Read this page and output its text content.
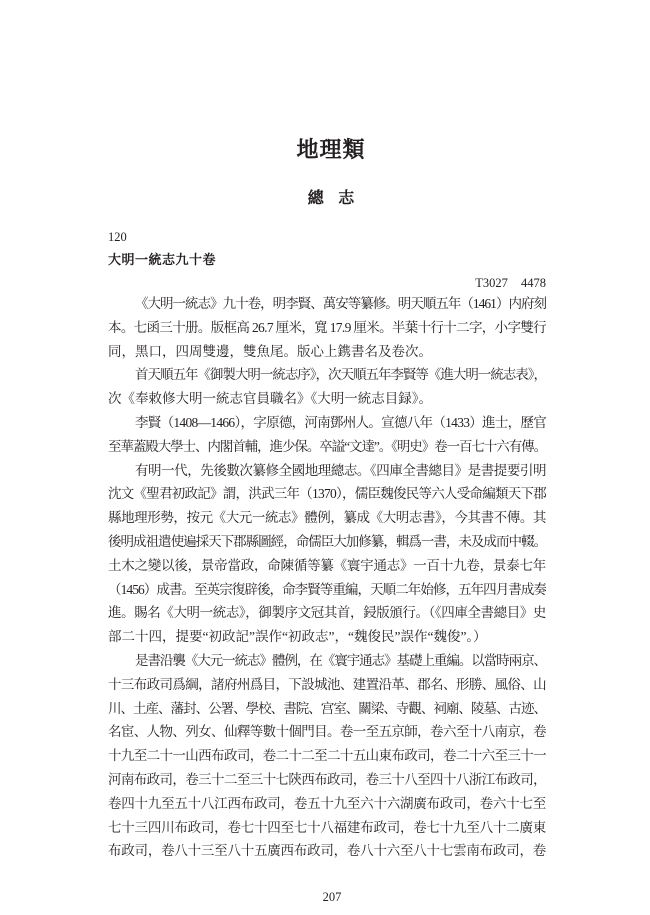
地理類
總 志
120
大明一統志九十卷
T3027 4478
《大明一統志》九十卷，明李賢、萬安等纂修。明天順五年（1461）内府刻
本。七函三十册。版框高 26.7 厘米，寬 17.9 厘米。半葉十行十二字，小字雙行
同，黑口，四周雙邊，雙魚尾。版心上鎸書名及卷次。
首天順五年《御製大明一統志序》，次天順五年李賢等《進大明一統志表》，
次《奉敕修大明一統志官員職名》《大明一統志目録》。
李賢（1408—1466），字原德，河南鄧州人。宣德八年（1433）進士，歷官
至華蓋殿大學士、内閣首輔，進少保。卒謚“文達”。《明史》卷一百七十六有傳。
有明一代，先後數次纂修全國地理總志。《四庫全書總目》是書提要引明
沈文《聖君初政記》謂，洪武三年（1370），儒臣魏俊民等六人受命編類天下郡
縣地理形勢，按元《大元一統志》體例，纂成《大明志書》，今其書不傳。其
後明成祖遣使遍採天下郡縣圖經，命儒臣大加修纂，輯爲一書，未及成而中輟。
土木之變以後，景帝當政，命陳循等纂《寰宇通志》一百十九卷，景泰七年
（1456）成書。至英宗復辟後，命李賢等重編，天順二年始修，五年四月書成奏
進。賜名《大明一統志》，御製序文冠其首，鋟版頒行。（《四庫全書總目》史
部二十四，提要“初政記”誤作“初政志”，“魏俊民”誤作“魏俊”。）
是書沿襲《大元一統志》體例，在《寰宇通志》基礎上重編。以當時兩京、
十三布政司爲綱，諸府州爲目，下設城池、建置沿革、郡名、形勝、風俗、山
川、土産、藩封、公署、學校、書院、宫室、關梁、寺觀、祠廟、陵墓、古迹、
名宦、人物、列女、仙釋等數十個門目。卷一至五京師，卷六至十八南京，卷
十九至二十一山西布政司，卷二十二至二十五山東布政司，卷二十六至三十一
河南布政司，卷三十二至三十七陝西布政司，卷三十八至四十八浙江布政司，
卷四十九至五十八江西布政司，卷五十九至六十六湖廣布政司，卷六十七至
七十三四川布政司，卷七十四至七十八福建布政司，卷七十九至八十二廣東
布政司，卷八十三至八十五廣西布政司，卷八十六至八十七雲南布政司，卷
207
